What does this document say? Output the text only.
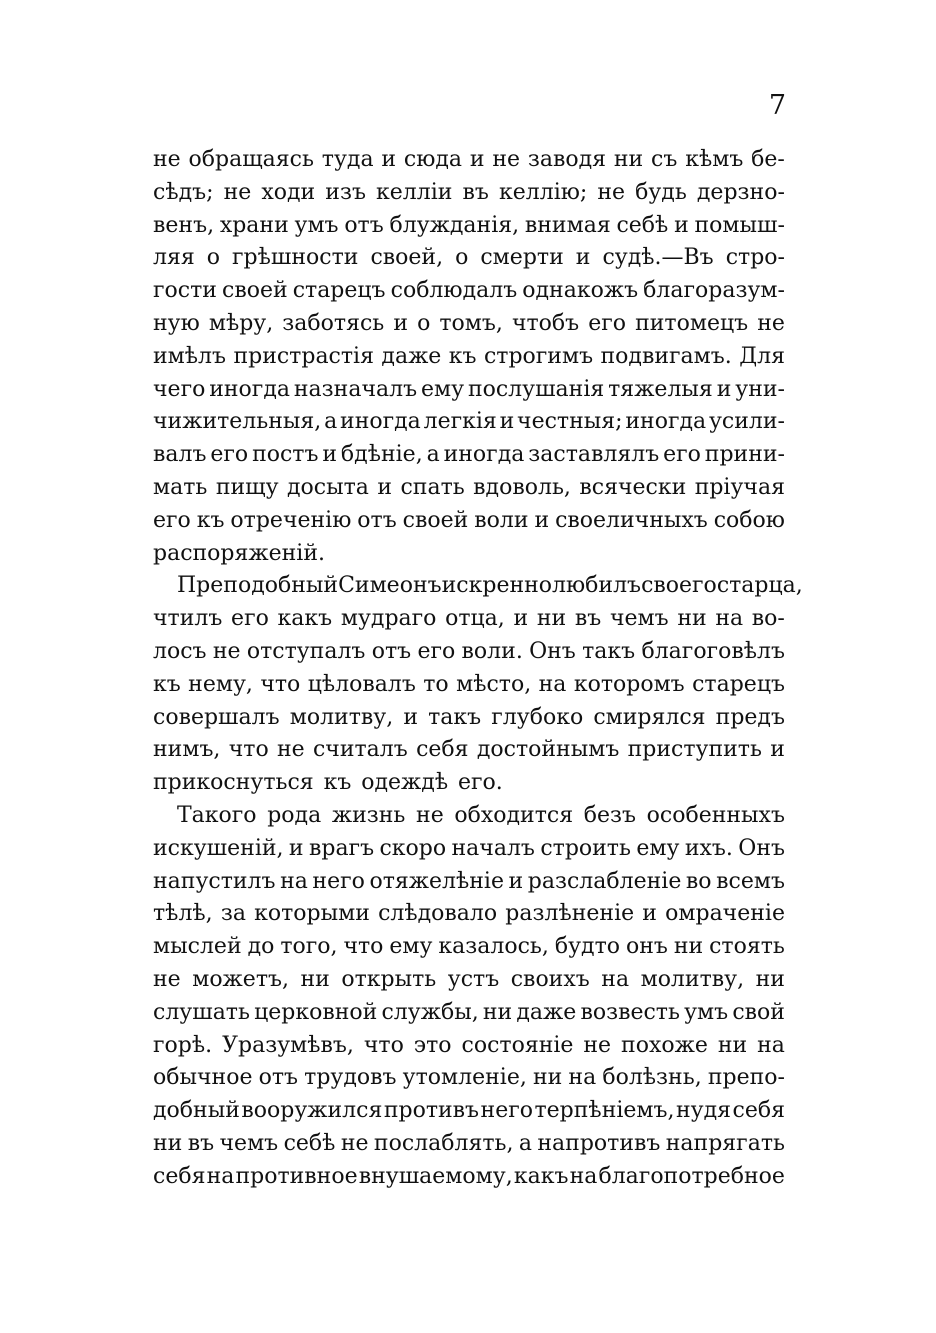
7
не обращаясь туда и сюда и не заводя ни съ кѣмъ бе-
сѣдъ; не ходи изъ келліи въ келлію; не будь дерзно-
венъ, храни умъ отъ блужданія, внимая себѣ и помыш-
ляя о грѣшности своей, о смерти и судѣ.—Въ стро-
гости своей старецъ соблюдалъ однакожъ благоразум-
ную мѣру, заботясь и о томъ, чтобъ его питомецъ не
имѣлъ пристрастія даже къ строгимъ подвигамъ. Для
чего иногда назначалъ ему послушанія тяжелыя и уни-
чижительныя, а иногда легкія и честныя; иногда усили-
валъ его постъ и бдѣніе, а иногда заставлялъ его прини-
мать пищу досыта и спать вдоволь, всячески пріучая
его къ отреченію отъ своей воли и своеличныхъ собою
распоряженій.
Преподобный Симеонъ искренно любилъ своего старца,
чтилъ его какъ мудраго отца, и ни въ чемъ ни на во-
лосъ не отступалъ отъ его воли. Онъ такъ благоговѣлъ
къ нему, что цѣловалъ то мѣсто, на которомъ старецъ
совершалъ молитву, и такъ глубоко смирялся предъ
нимъ, что не считалъ себя достойнымъ приступить и
прикоснуться къ одеждѣ его.
Такого рода жизнь не обходится безъ особенныхъ
искушеній, и врагъ скоро началъ строить ему ихъ. Онъ
напустилъ на него отяжелѣніе и разслабленіе во всемъ
тѣлѣ, за которыми слѣдовало разлѣненіе и омраченіе
мыслей до того, что ему казалось, будто онъ ни стоять
не можетъ, ни открыть устъ своихъ на молитву, ни
слушать церковной службы, ни даже возвесть умъ свой
горѣ. Уразумѣвъ, что это состояніе не похоже ни на
обычное отъ трудовъ утомленіе, ни на болѣзнь, препо-
добный вооружился противъ него терпѣніемъ, нудя себя
ни въ чемъ себѣ не послаблять, а напротивъ напрягать
себя на противное внушаемому, какъ на благопотребное
